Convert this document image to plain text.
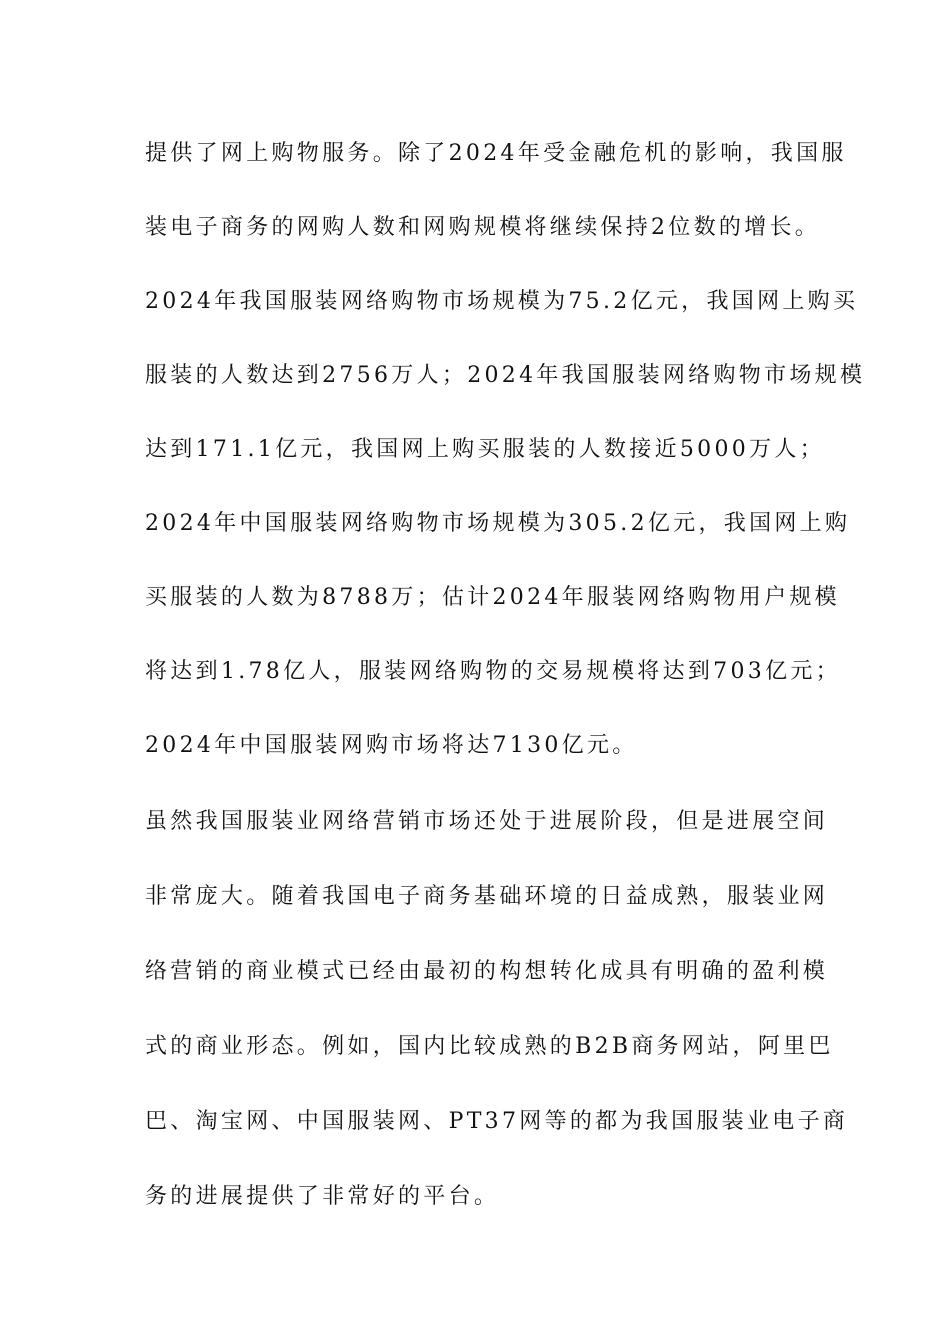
提供了网上购物服务。除了2024年受金融危机的影响，我国服
装电子商务的网购人数和网购规模将继续保持2位数的增长。
2024年我国服装网络购物市场规模为75.2亿元，我国网上购买
服装的人数达到2756万人；2024年我国服装网络购物市场规模
达到171.1亿元，我国网上购买服装的人数接近5000万人；
2024年中国服装网络购物市场规模为305.2亿元，我国网上购
买服装的人数为8788万；估计2024年服装网络购物用户规模
将达到1.78亿人，服装网络购物的交易规模将达到703亿元；
2024年中国服装网购市场将达7130亿元。
虽然我国服装业网络营销市场还处于进展阶段，但是进展空间
非常庞大。随着我国电子商务基础环境的日益成熟，服装业网
络营销的商业模式已经由最初的构想转化成具有明确的盈利模
式的商业形态。例如，国内比较成熟的B2B商务网站，阿里巴
巴、淘宝网、中国服装网、PT37网等的都为我国服装业电子商
务的进展提供了非常好的平台。
